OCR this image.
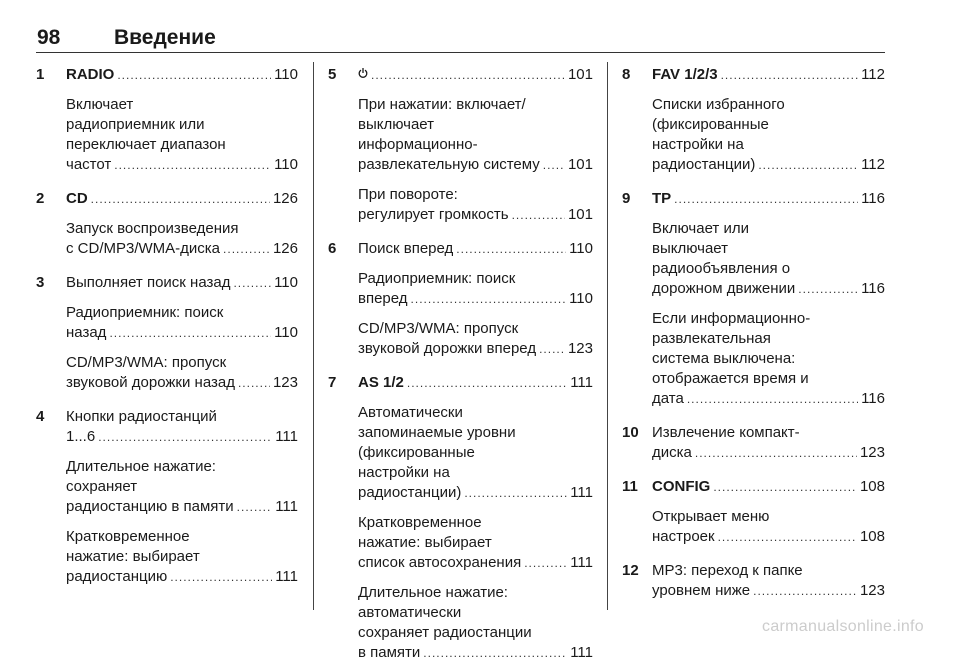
98	Введение
1 RADIO .....	110
Включает
радиоприемник или
переключает диапазон
частот .....	110
2 CD .....	126
Запуск воспроизведения
с CD/MP3/WMA-диска .....	126
3 Выполняет поиск назад .....	110
Радиоприемник: поиск
назад .....	110
CD/MP3/WMA: пропуск
звуковой дорожки назад .....	123
4 Кнопки радиостанций
1...6 .....	111
Длительное нажатие:
сохраняет
радиостанцию в памяти .....	111
Кратковременное
нажатие: выбирает
радиостанцию .....	111
5 .....	101
При нажатии: включает/
выключает
информационно-
развлекательную систему ..... 101
При повороте:
регулирует громкость .....	101
6 Поиск вперед .....	110
Радиоприемник: поиск
вперед .....	110
CD/MP3/WMA: пропуск
звуковой дорожки вперед ..... 123
7 AS 1/2 .....	111
Автоматически
запоминаемые уровни
(фиксированные
настройки на
радиостанции) .....	111
Кратковременное
нажатие: выбирает
список автосохранения .....	111
Длительное нажатие:
автоматически
сохраняет радиостанции
в памяти .....	111
8 FAV 1/2/3 .....	112
Списки избранного
(фиксированные
настройки на
радиостанции) .....	112
9 TP .....	116
Включает или
выключает
радиообъявления о
дорожном движении .....	116
Если информационно-
развлекательная
система выключена:
отображается время и
дата .....	116
10 Извлечение компакт-
диска .....	123
11 CONFIG .....	108
Открывает меню
настроек .....	108
12 MP3: переход к папке
уровнем ниже .....	123
carmanualsonline.info
